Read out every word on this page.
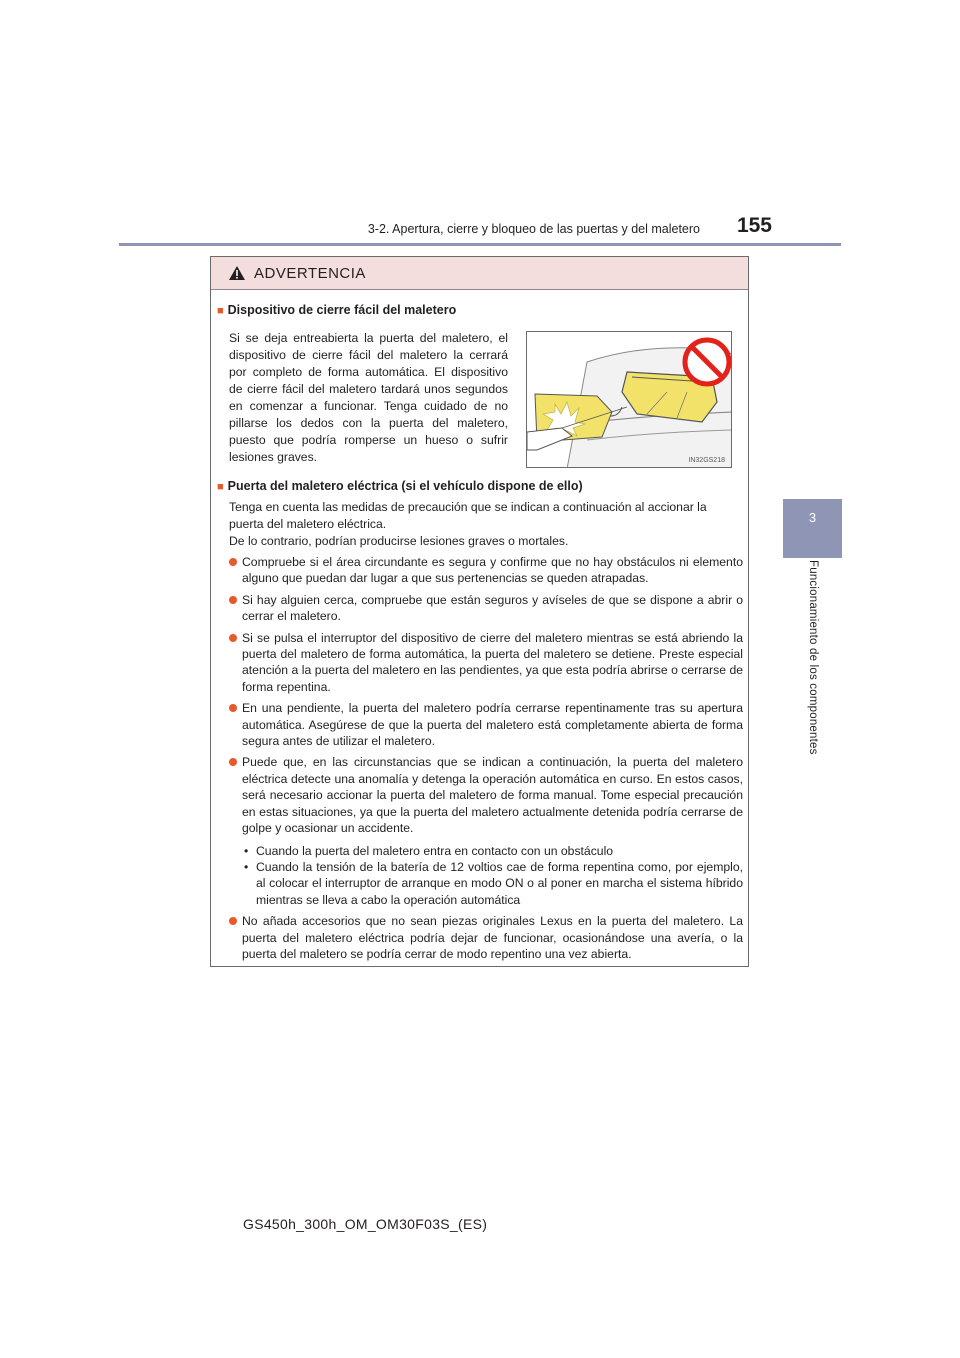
3-2. Apertura, cierre y bloqueo de las puertas y del maletero	155
3
Funcionamiento de los componentes
ADVERTENCIA
■ Dispositivo de cierre fácil del maletero
Si se deja entreabierta la puerta del maletero, el dispositivo de cierre fácil del maletero la cerrará por completo de forma automática. El dispositivo de cierre fácil del maletero tardará unos segundos en comenzar a funcionar. Tenga cuidado de no pillarse los dedos con la puerta del maletero, puesto que podría romperse un hueso o sufrir lesiones graves.	IN32GS218
■ Puerta del maletero eléctrica (si el vehículo dispone de ello)
Tenga en cuenta las medidas de precaución que se indican a continuación al accionar la puerta del maletero eléctrica.
De lo contrario, podrían producirse lesiones graves o mortales.
Compruebe si el área circundante es segura y confirme que no hay obstáculos ni elemento alguno que puedan dar lugar a que sus pertenencias se queden atrapadas.
Si hay alguien cerca, compruebe que están seguros y avíseles de que se dispone a abrir o cerrar el maletero.
Si se pulsa el interruptor del dispositivo de cierre del maletero mientras se está abriendo la puerta del maletero de forma automática, la puerta del maletero se detiene. Preste especial atención a la puerta del maletero en las pendientes, ya que esta podría abrirse o cerrarse de forma repentina.
En una pendiente, la puerta del maletero podría cerrarse repentinamente tras su apertura automática. Asegúrese de que la puerta del maletero está completamente abierta de forma segura antes de utilizar el maletero.
Puede que, en las circunstancias que se indican a continuación, la puerta del maletero eléctrica detecte una anomalía y detenga la operación automática en curso. En estos casos, será necesario accionar la puerta del maletero de forma manual. Tome especial precaución en estas situaciones, ya que la puerta del maletero actualmente detenida podría cerrarse de golpe y ocasionar un accidente.
• Cuando la puerta del maletero entra en contacto con un obstáculo
• Cuando la tensión de la batería de 12 voltios cae de forma repentina como, por ejemplo, al colocar el interruptor de arranque en modo ON o al poner en marcha el sistema híbrido mientras se lleva a cabo la operación automática
No añada accesorios que no sean piezas originales Lexus en la puerta del maletero. La puerta del maletero eléctrica podría dejar de funcionar, ocasionándose una avería, o la puerta del maletero se podría cerrar de modo repentino una vez abierta.
GS450h_300h_OM_OM30F03S_(ES)
